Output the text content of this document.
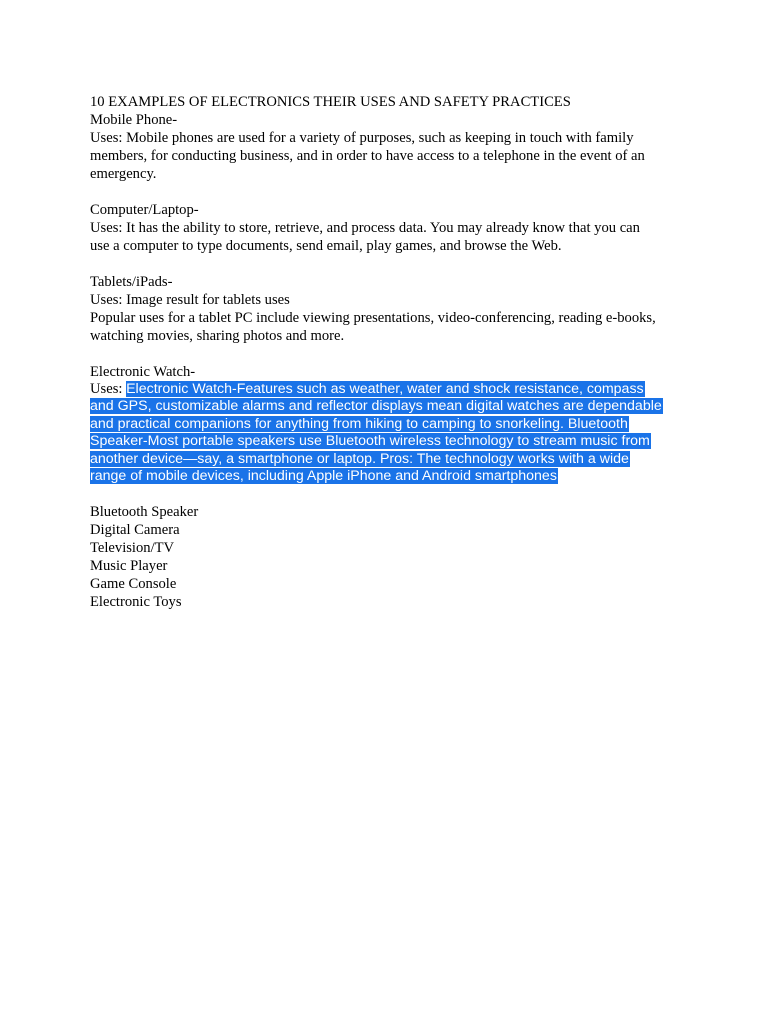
10 EXAMPLES OF ELECTRONICS THEIR USES AND SAFETY PRACTICES
Mobile Phone-
Uses: Mobile phones are used for a variety of purposes, such as keeping in touch with family
members, for conducting business, and in order to have access to a telephone in the event of an
emergency.
Computer/Laptop-
Uses: It has the ability to store, retrieve, and process data. You may already know that you can
use a computer to type documents, send email, play games, and browse the Web.
Tablets/iPads-
Uses: Image result for tablets uses
Popular uses for a tablet PC include viewing presentations, video-conferencing, reading e-books,
watching movies, sharing photos and more.
Electronic Watch-
Uses: Electronic Watch-Features such as weather, water and shock resistance, compass
and GPS, customizable alarms and reflector displays mean digital watches are dependable
and practical companions for anything from hiking to camping to snorkeling. Bluetooth
Speaker-Most portable speakers use Bluetooth wireless technology to stream music from
another device—say, a smartphone or laptop. Pros: The technology works with a wide
range of mobile devices, including Apple iPhone and Android smartphones
Bluetooth Speaker
Digital Camera
Television/TV
Music Player
Game Console
Electronic Toys
